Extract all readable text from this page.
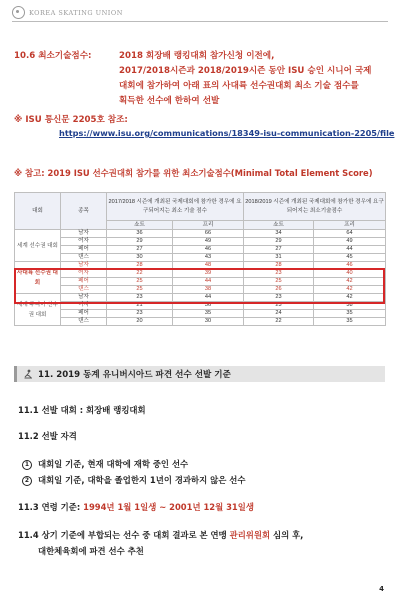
KOREA SKATING UNION
10.6 최소기술점수:	2018 회장배 랭킹대회 참가신청 이전에,
2017/2018시즌과 2018/2019시즌 동안 ISU 승인 시니어 국제
대회에 참가하여 아래 표의 사대륙 선수권대회 최소 기술 점수를
획득한 선수에 한하여 선발
※ ISU 통신문 2205호 참조:
https://www.isu.org/communications/18349-isu-communication-2205/file
※ 참고: 2019 ISU 선수권대회 참가를 위한 최소기술점수(Minimal Total Element Score)
대회	종목	2017/2018 시즌에 개최된 국제대회에 참가한 경우에 요구되어지는 최소 기술 점수		2018/2019 시즌에 개최된 국제대회에 참가한 경우에 요구되어지는 최소기술점수	
		쇼트	프리	쇼트	프리
세계 선수권 대회	남자	36	66	34	64
	여자	29	49	29	49
	페어	27	46	27	44
	댄스	30	43	31	45
사대륙 선수권 대회	남자	28	48	28	46
	여자	22	39	23	40
	페어	25	44	25	42
	댄스	25	38	26	42
세계 주니어 선수권 대회	남자	23	44	23	42
	여자	21	36	23	38
	페어	23	35	24	35
	댄스	20	30	22	35
11. 2019 동계 유니버시아드 파견 선수 선발 기준
11.1 선발 대회 : 회장배 랭킹대회
11.2 선발 자격
1 대회일 기준, 현재 대학에 재학 중인 선수
2 대회일 기준, 대학을 졸업한지 1년이 경과하지 않은 선수
11.3 연령 기준: 1994년 1월 1일생 ~ 2001년 12월 31일생
11.4 상기 기준에 부합되는 선수 중 대회 결과로 본 연맹 관리위원회 심의 후,
대한체육회에 파견 선수 추천
4
